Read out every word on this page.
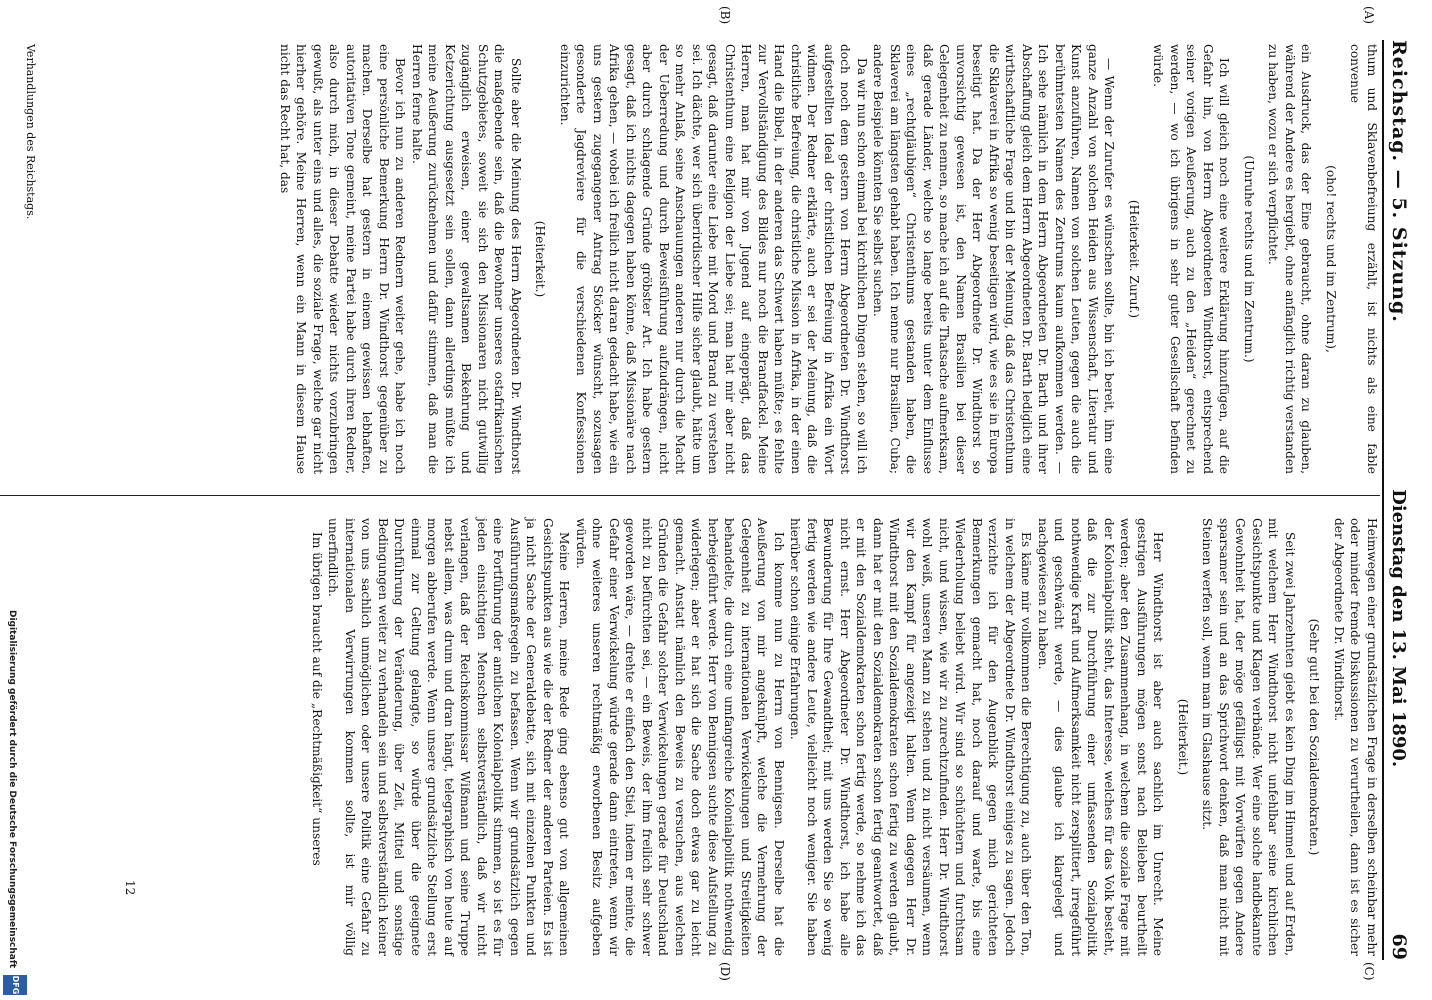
Reichstag. — 5. Sitzung.
Dienstag den 13. Mai 1890.
69
(A)
(B)
(C)
(D)

thum und Sklavenbefreiung erzählt, ist nichts als eine fable convenue

(oho! rechts und im Zentrum),

ein Ausdruck, das der Eine gebraucht, ohne daran zu glauben, während der Andere es hergiebt, ohne anfänglich richtig verstanden zu haben, wozu er sich verpflichtet.

(Unruhe rechts und im Zentrum.)

Ich will gleich noch eine weitere Erklärung hinzufügen, auf die Gefahr hin, von Herrn Abgeordneten Windthorst, entsprechend seiner vorigen Aeußerung, auch zu den „Heiden“ gerechnet zu werden, — wo ich übrigens in sehr guter Gesellschaft befinden würde.

(Heiterkeit. Zuruf.)

— Wenn der Zurufer es wünschen sollte, bin ich bereit, ihm eine ganze Anzahl von solchen Heiden aus Wissenschaft, Literatur und Kunst anzuführen, Namen von solchen Leuten, gegen die auch die berühmtesten Namen des Zentrums kaum aufkommen werden. — Ich sehe nämlich in dem Herrn Abgeordneten Dr. Barth und ihrer Abschaffung gleich dem Herrn Abgeordneten Dr. Barth lediglich eine wirthschaftliche Frage und bin der Meinung, daß das Christenthum die Sklaverei in Afrika so wenig beseitigen wird, wie es sie in Europa beseitigt hat. Da der Herr Abgeordnete Dr. Windthorst so unvorsichtig gewesen ist, den Namen Brasilien bei dieser Gelegenheit zu nennen, so mache ich auf die Thatsache aufmerksam, daß gerade Länder, welche so lange bereits unter dem Einflusse eines „rechtgläubigen“ Christenthums gestanden haben, die Sklaverei am längsten gehabt haben. Ich nenne nur Brasilien, Cuba; andere Beispiele könnten Sie selbst suchen.

Da wir nun schon einmal bei kirchlichen Dingen stehen, so will ich doch noch dem gestern von Herrn Abgeordneten Dr. Windthorst aufgestellten Ideal der christlichen Befreiung in Afrika ein Wort widmen. Der Redner erklärte, auch er sei der Meinung, daß die christliche Befreiung, die christliche Mission in Afrika, in der einen Hand die Bibel, in der anderen das Schwert haben müßte; es fehlte zur Vervollständigung des Bildes nur noch die Brandfackel. Meine Herren, man hat mir von Jugend auf eingeprägt, daß das Christenthum eine Religion der Liebe sei; man hat mir aber nicht gesagt, daß darunter eine Liebe mit Mord und Brand zu verstehen sei. Ich dächte, wer sich überirdischer Hilfe sicher glaubt, hätte um so mehr Anlaß, seine Anschauungen anderen nur durch die Macht der Ueberredung und durch Beweisführung aufzudrängen, nicht aber durch schlagende Gründe gröbster Art. Ich habe gestern gesagt, daß ich nichts dagegen haben könne, daß Missionäre nach Afrika gehen, — wobei ich freilich nicht daran gedacht habe, wie ein uns gestern zugegangener Antrag Stöcker wünscht, sozusagen gesonderte Jagdreviere für die verschiedenen Konfessionen einzurichten.

(Heiterkeit.)

Sollte aber die Meinung des Herrn Abgeordneten Dr. Windthorst die maßgebende sein, daß die Bewohner unseres ostafrikanischen Schutzgebietes, soweit sie sich den Missionaren nicht gutwillig zugänglich erweisen, einer gewaltsamen Bekehrung und Ketzerichtung ausgesetzt sein sollen, dann allerdings müßte ich meine Aeußerung zurücknehmen und dafür stimmen, daß man die Herren ferne halte.

Bevor ich nun zu anderen Rednern weiter gehe, habe ich noch eine persönliche Bemerkung Herrn Dr. Windthorst gegenüber zu machen. Derselbe hat gestern in einem gewissen lebhaften, autoritativen Tone gemeint, meine Partei habe durch ihren Redner, also durch mich, in dieser Debatte wieder nichts vorzubringen gewußt, als unter eins und alles, die soziale Frage, welche gar nicht hierher gehöre. Meine Herren, wenn ein Mann in diesem Hause nicht das Recht hat, das

Heimwegen einer grundsätzlichen Frage in derselben scheinbar mehr oder minder fremde Diskussionen zu verurtheilen, dann ist es sicher der Abgeordnete Dr. Windthorst.

(Sehr gut! bei den Sozialdemokraten.)

Seit zwei Jahrzehnten giebt es kein Ding im Himmel und auf Erden, mit welchem Herr Windthorst nicht unfehlbar seine kirchlichen Gesichtspunkte und Klagen verbände. Wer eine solche landbekannte Gewohnheit hat, der möge gefälligst mit Vorwürfen gegen Andere sparsamer sein und an das Sprichwort denken, daß man nicht mit Steinen werfen soll, wenn man im Glashause sitzt.

(Heiterkeit.)

Herr Windthorst ist aber auch sachlich im Unrecht. Meine gestrigen Ausführungen mögen sonst nach Belieben beurtheilt werden; aber den Zusammenhang, in welchem die soziale Frage mit der Kolonialpolitik steht, das Interesse, welches für das Volk besteht, daß die zur Durchführung einer umfassenden Sozialpolitik nothwendige Kraft und Aufmerksamkeit nicht zersplittert, irregeführt und geschwächt werde, — dies glaube ich klargelegt und nachgewiesen zu haben.

Es käme mir vollkommen die Berechtigung zu, auch über den Ton, in welchem der Abgeordnete Dr. Windthorst einiges zu sagen. Jedoch verzichte ich für den Augenblick gegen mich gerichteten Bemerkungen gemacht hat, noch darauf und warte, bis eine Wiederholung beliebt wird. Wir sind so schüchtern und furchtsam nicht, und wissen, wie wir zu zurechtzufinden. Herr Dr. Windthorst wohl weiß, unseren Mann zu stehen und zu nicht versäumen, wenn wir den Kampf für angezeigt halten. Wenn dagegen Herr Dr. Windthorst mit den Sozialdemokraten schon fertig zu werden glaubt, dann hat er mit den Sozialdemokraten schon fertig geantwortet, daß er mit den Sozialdemokraten schon fertig werde, so nehme ich das nicht ernst. Herr Abgeordneter Dr. Windthorst, ich habe alle Bewunderung für Ihre Gewandtheit; mit uns werden Sie so wenig fertig werden wie andere Leute, vielleicht noch weniger. Sie haben hierüber schon einige Erfahrungen.

Ich komme nun zu Herrn von Bennigsen. Derselbe hat die Aeußerung von mir angeknüpft, welche die Vermehrung der Gelegenheit zu internationalen Verwickelungen und Streitigkeiten behandelte, die durch eine umfangreiche Kolonialpolitik nothwendig herbeigeführt werde. Herr von Bennigsen suchte diese Aufstellung zu widerlegen; aber er hat sich die Sache doch etwas gar zu leicht gemacht. Anstatt nämlich den Beweis zu versuchen, aus welchen Gründen die Gefahr solcher Verwickelungen gerade für Deutschland nicht zu befürchten sei, — ein Beweis, der ihm freilich sehr schwer geworden wäre, — drehte er einfach den Stiel, indem er meinte, die Gefahr einer Verwickelung würde gerade dann eintreten, wenn wir ohne weiteres unseren rechtmäßig erworbenen Besitz aufgeben würden.

Meine Herren, meine Rede ging ebenso gut von allgemeinen Gesichtspunkten aus wie die der Redner der anderen Parteien. Es ist ja nicht Sache der Generaldebatte, sich mit einzelnen Punkten und Ausführungsmaßregeln zu befassen. Wenn wir grundsätzlich gegen eine Fortführung der amtlichen Kolonialpolitik stimmen, so ist es für jeden einsichtigen Menschen selbstverständlich, daß wir nicht verlangen, daß der Reichskommissar Wißmann und seine Truppe nebst allem, was drum und dran hängt, telegraphisch von heute auf morgen abberufen werde. Wenn unsere grundsätzliche Stellung erst einmal zur Geltung gelangte, so würde über die geeignete Durchführung der Veränderung, über Zeit, Mittel und sonstige Bedingungen weiter zu verhandeln sein und selbstverständlich keiner von uns sachlich unmöglichen oder unsere Politik eine Gefahr zu internationalen Verwirrungen kommen sollte, ist mir völlig unerfindlich.

Im übrigen braucht auf die „Rechtmäßigkeit“ unseres

Verhandlungen des Reichstags.
12
Digitalisierung gefördert durch die Deutsche Forschungsgemeinschaft
DFG
